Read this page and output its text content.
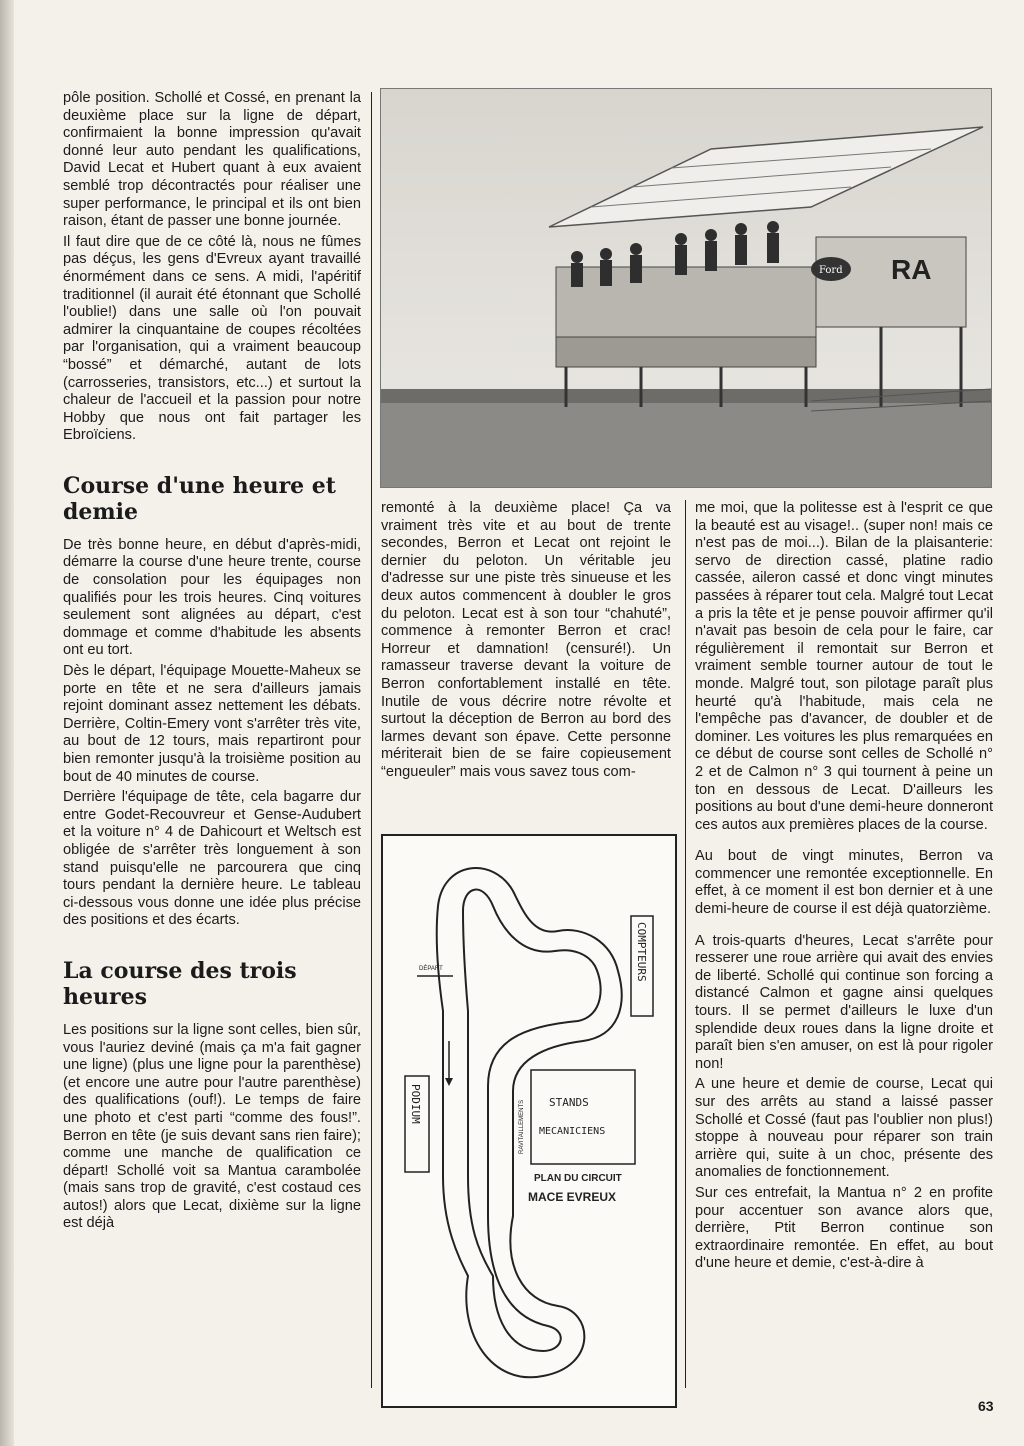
pôle position. Schollé et Cossé, en prenant la deuxième place sur la ligne de départ, confirmaient la bonne impression qu'avait donné leur auto pendant les qualifications, David Lecat et Hubert quant à eux avaient semblé trop décontractés pour réaliser une super performance, le principal et ils ont bien raison, étant de passer une bonne journée.

Il faut dire que de ce côté là, nous ne fûmes pas déçus, les gens d'Evreux ayant travaillé énormément dans ce sens. A midi, l'apéritif traditionnel (il aurait été étonnant que Schollé l'oublie!) dans une salle où l'on pouvait admirer la cinquantaine de coupes récoltées par l'organisation, qui a vraiment beaucoup “bossé” et démarché, autant de lots (carrosseries, transistors, etc...) et surtout la chaleur de l'accueil et la passion pour notre Hobby que nous ont fait partager les Ebroïciens.

Course d'une heure et demie

De très bonne heure, en début d'après-midi, démarre la course d'une heure trente, course de consolation pour les équipages non qualifiés pour les trois heures. Cinq voitures seulement sont alignées au départ, c'est dommage et comme d'habitude les absents ont eu tort.

Dès le départ, l'équipage Mouette-Maheux se porte en tête et ne sera d'ailleurs jamais rejoint dominant assez nettement les débats. Derrière, Coltin-Emery vont s'arrêter très vite, au bout de 12 tours, mais repartiront pour bien remonter jusqu'à la troisième position au bout de 40 minutes de course.

Derrière l'équipage de tête, cela bagarre dur entre Godet-Recouvreur et Gense-Audubert et la voiture n° 4 de Dahicourt et Weltsch est obligée de s'arrêter très longuement à son stand puisqu'elle ne parcourera que cinq tours pendant la dernière heure. Le tableau ci-dessous vous donne une idée plus précise des positions et des écarts.

La course des trois heures

Les positions sur la ligne sont celles, bien sûr, vous l'auriez deviné (mais ça m'a fait gagner une ligne) (plus une ligne pour la parenthèse) (et encore une autre pour l'autre parenthèse) des qualifications (ouf!). Le temps de faire une photo et c'est parti “comme des fous!”. Berron en tête (je suis devant sans rien faire); comme une manche de qualification ce départ! Schollé voit sa Mantua carambolée (mais sans trop de gravité, c'est costaud ces autos!) alors que Lecat, dixième sur la ligne est déjà

Ford RA

remonté à la deuxième place! Ça va vraiment très vite et au bout de trente secondes, Berron et Lecat ont rejoint le dernier du peloton. Un véritable jeu d'adresse sur une piste très sinueuse et les deux autos commencent à doubler le gros du peloton. Lecat est à son tour “chahuté”, commence à remonter Berron et crac! Horreur et damnation! (censuré!). Un ramasseur traverse devant la voiture de Berron confortablement installé en tête. Inutile de vous décrire notre révolte et surtout la déception de Berron au bord des larmes devant son épave. Cette personne mériterait bien de se faire copieusement “engueuler” mais vous savez tous com-

DÉPART	COMPTEURS
PODIUM	RAVITAILLEMENTS STANDS
MECANICIENS
PLAN DU CIRCUIT
MACE EVREUX

me moi, que la politesse est à l'esprit ce que la beauté est au visage!.. (super non! mais ce n'est pas de moi...). Bilan de la plaisanterie: servo de direction cassé, platine radio cassée, aileron cassé et donc vingt minutes passées à réparer tout cela. Malgré tout Lecat a pris la tête et je pense pouvoir affirmer qu'il n'avait pas besoin de cela pour le faire, car régulièrement il remontait sur Berron et vraiment semble tourner autour de tout le monde. Malgré tout, son pilotage paraît plus heurté qu'à l'habitude, mais cela ne l'empêche pas d'avancer, de doubler et de dominer. Les voitures les plus remarquées en ce début de course sont celles de Schollé n° 2 et de Calmon n° 3 qui tournent à peine un ton en dessous de Lecat. D'ailleurs les positions au bout d'une demi-heure donneront ces autos aux premières places de la course.

Au bout de vingt minutes, Berron va commencer une remontée exceptionnelle. En effet, à ce moment il est bon dernier et à une demi-heure de course il est déjà quatorzième.

A trois-quarts d'heures, Lecat s'arrête pour resserer une roue arrière qui avait des envies de liberté. Schollé qui continue son forcing a distancé Calmon et gagne ainsi quelques tours. Il se permet d'ailleurs le luxe d'un splendide deux roues dans la ligne droite et paraît bien s'en amuser, on est là pour rigoler non!

A une heure et demie de course, Lecat qui sur des arrêts au stand a laissé passer Schollé et Cossé (faut pas l'oublier non plus!) stoppe à nouveau pour réparer son train arrière qui, suite à un choc, présente des anomalies de fonctionnement.

Sur ces entrefait, la Mantua n° 2 en profite pour accentuer son avance alors que, derrière, Ptit Berron continue son extraordinaire remontée. En effet, au bout d'une heure et demie, c'est-à-dire à

63
